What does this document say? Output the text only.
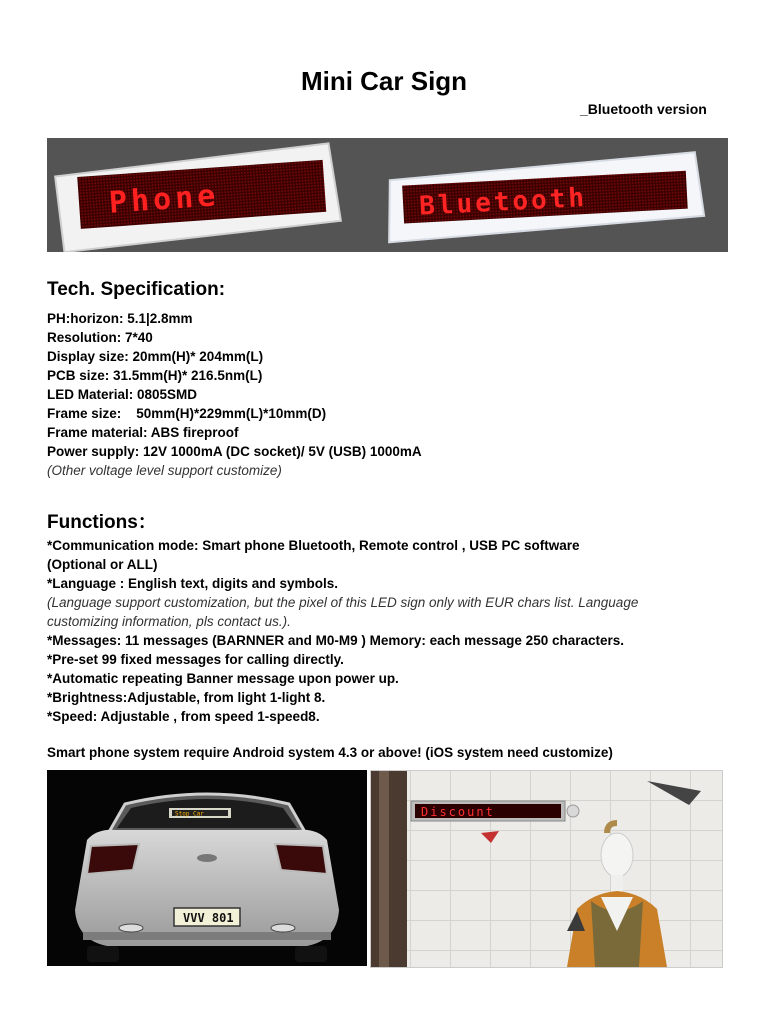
Mini Car Sign
_Bluetooth version
Phone	Bluetooth
Tech. Specification:
PH:horizon: 5.1|2.8mm
Resolution: 7*40
Display size: 20mm(H)* 204mm(L)
PCB size: 31.5mm(H)* 216.5nm(L)
LED Material: 0805SMD
Frame size:    50mm(H)*229mm(L)*10mm(D)
Frame material: ABS fireproof
Power supply: 12V 1000mA (DC socket)/ 5V (USB) 1000mA
(Other voltage level support customize)
Functions：
*Communication mode: Smart phone Bluetooth, Remote control , USB PC software
(Optional or ALL)
*Language : English text, digits and symbols.
(Language support customization, but the pixel of this LED sign only with EUR chars list. Language
customizing information, pls contact us.).
*Messages: 11 messages (BARNNER and M0-M9 ) Memory: each message 250 characters.
*Pre-set 99 fixed messages for calling directly.
*Automatic repeating Banner message upon power up.
*Brightness:Adjustable, from light 1-light 8.
*Speed: Adjustable , from speed 1-speed8.
Smart phone system require Android system 4.3 or above! (iOS system need customize)
Stop Car
VVV 801
Discount
